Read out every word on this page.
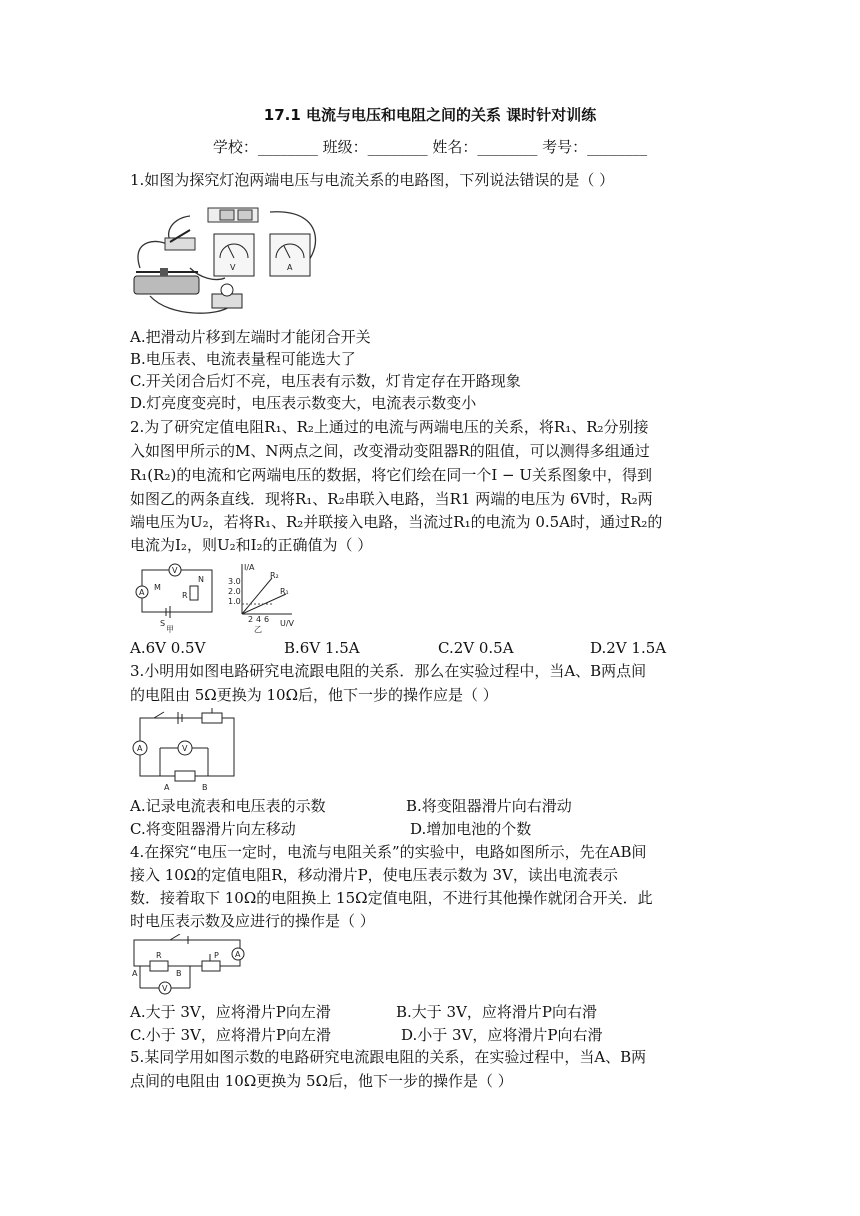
17.1 电流与电压和电阻之间的关系 课时针对训练
学校：________ 班级：________ 姓名：________ 考号：________
1.如图为探究灯泡两端电压与电流关系的电路图，下列说法错误的是（ ）
V	A
A.把滑动片移到左端时才能闭合开关
B.电压表、电流表量程可能选大了
C.开关闭合后灯不亮，电压表有示数，灯肯定存在开路现象
D.灯亮度变亮时，电压表示数变大，电流表示数变小
2.为了研究定值电阻R₁、R₂上通过的电流与两端电压的关系，将R₁、R₂分别接
入如图甲所示的M、N两点之间，改变滑动变阻器R的阻值，可以测得多组通过
R₁(R₂)的电流和它两端电压的数据，将它们绘在同一个I − U关系图象中，得到
如图乙的两条直线．现将R₁、R₂串联入电路，当R1 两端的电压为 6V时，R₂两
端电压为U₂，若将R₁、R₂并联接入电路，当流过R₁的电流为 0.5A时，通过R₂的
电流为I₂，则U₂和I₂的正确值为（ ）
V
A
M
N
R
S
甲
I/A
U/V
3.0
2.0
1.0
R₂
R₁
2 4 6
乙
A.6V 0.5V	B.6V 1.5A	C.2V 0.5A	D.2V 1.5A
3.小明用如图电路研究电流跟电阻的关系．那么在实验过程中，当A、B两点间
的电阻由 5Ω更换为 10Ω后，他下一步的操作应是（ ）
A	V
A	B
A.记录电流表和电压表的示数	B.将变阻器滑片向右滑动
C.将变阻器滑片向左移动	D.增加电池的个数
4.在探究“电压一定时，电流与电阻关系”的实验中，电路如图所示，先在AB间
接入 10Ω的定值电阻R，移动滑片P，使电压表示数为 3V，读出电流表示
数．接着取下 10Ω的电阻换上 15Ω定值电阻，不进行其他操作就闭合开关．此
时电压表示数及应进行的操作是（ ）
A
A
R
B
P
V
A.大于 3V，应将滑片P向左滑	B.大于 3V，应将滑片P向右滑
C.小于 3V，应将滑片P向左滑	D.小于 3V，应将滑片P向右滑
5.某同学用如图示数的电路研究电流跟电阻的关系，在实验过程中，当A、B两
点间的电阻由 10Ω更换为 5Ω后，他下一步的操作是（ ）
